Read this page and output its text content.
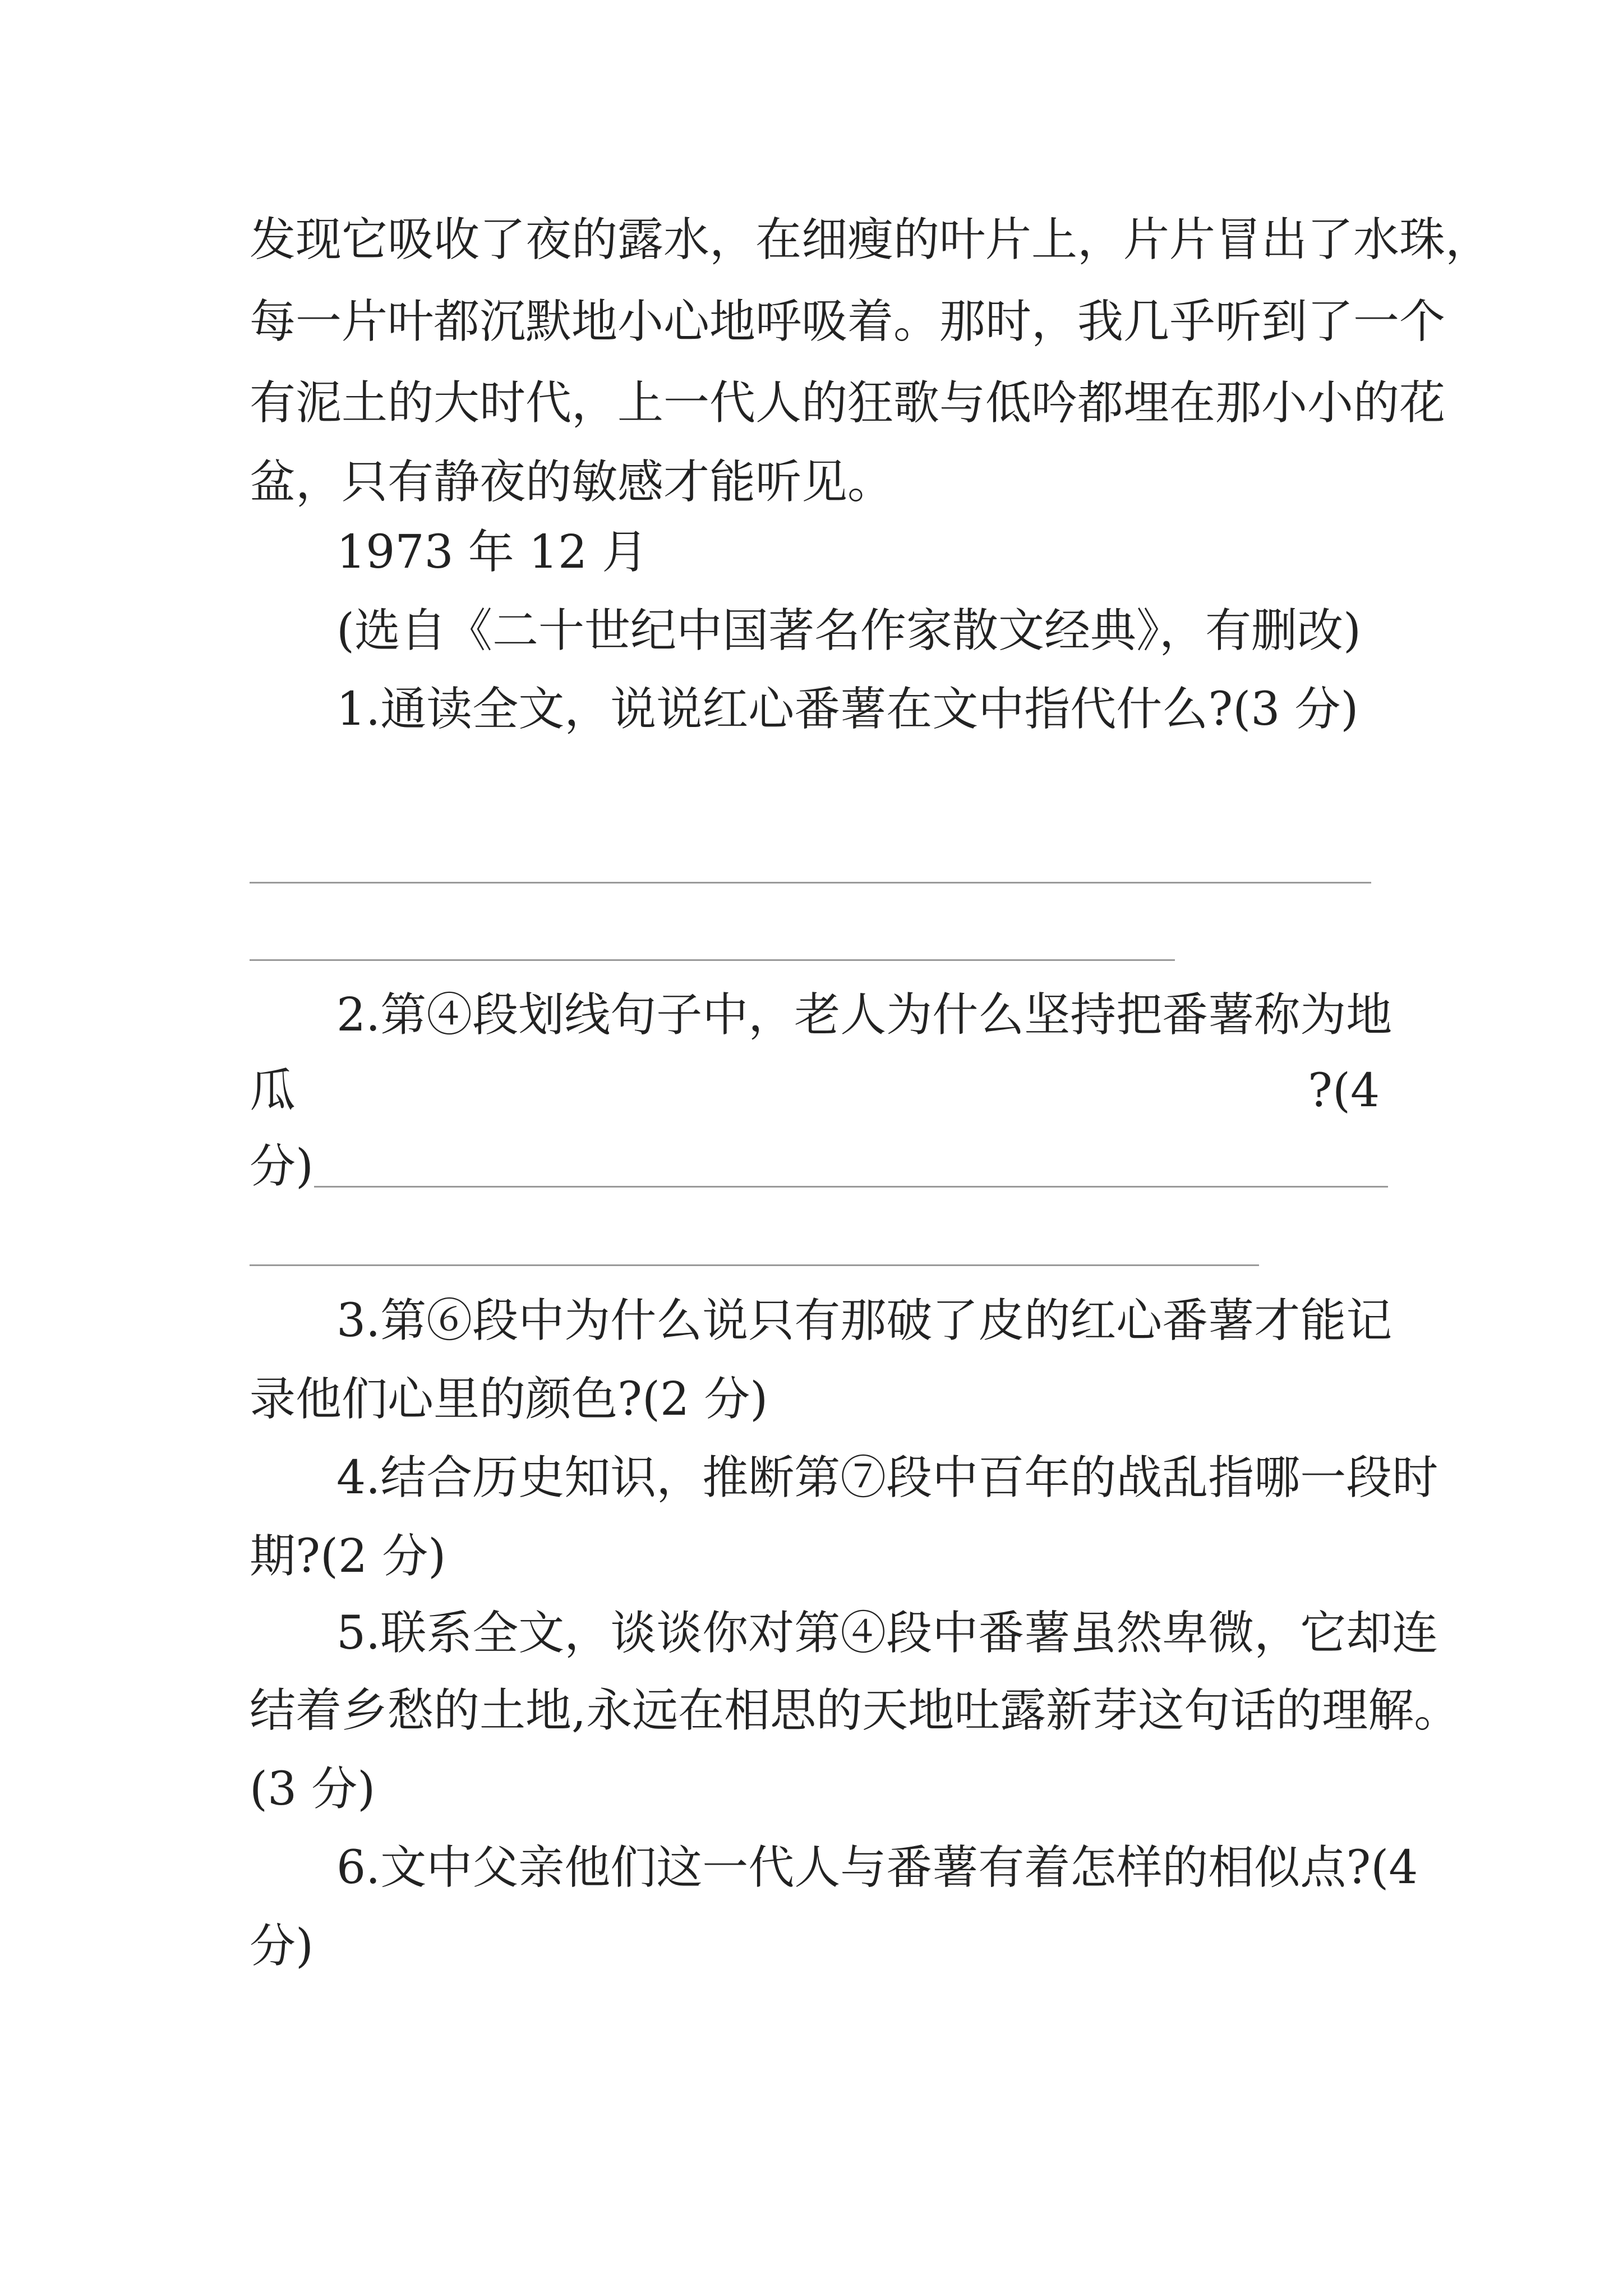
发现它吸收了夜的露水，在细瘦的叶片上，片片冒出了水珠，
每一片叶都沉默地小心地呼吸着。那时，我几乎听到了一个
有泥土的大时代，上一代人的狂歌与低吟都埋在那小小的花
盆，只有静夜的敏感才能听见。
1973 年 12 月
(选自《二十世纪中国著名作家散文经典》，有删改)
1.通读全文，说说红心番薯在文中指代什么?(3 分)
2.第④段划线句子中，老人为什么坚持把番薯称为地
瓜	?(4
分)
3.第⑥段中为什么说只有那破了皮的红心番薯才能记
录他们心里的颜色?(2 分)
4.结合历史知识，推断第⑦段中百年的战乱指哪一段时
期?(2 分)
5.联系全文，谈谈你对第④段中番薯虽然卑微，它却连
结着乡愁的土地,永远在相思的天地吐露新芽这句话的理解。
(3 分)
6.文中父亲他们这一代人与番薯有着怎样的相似点?(4
分)
